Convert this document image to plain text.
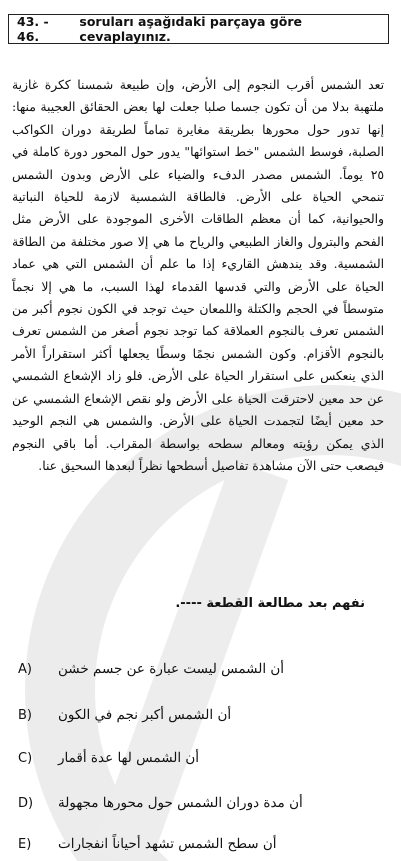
43. - 46.
soruları aşağıdaki parçaya göre cevaplayınız.
تعد الشمس أقرب النجوم إلى الأرض، وإن طبيعة شمسنا ككرة غازية ملتهبة بدلا من أن تكون جسما صلبا جعلت لها بعض الحقائق العجيبة منها: إنها تدور حول محورها بطريقة مغايرة تماماً لطريقة دوران الكواكب الصلبة، فوسط الشمس "خط استوائها" يدور حول المحور دورة كاملة في ٢٥ يوماً. الشمس مصدر الدفء والضياء على الأرض وبدون الشمس تنمحي الحياة على الأرض. فالطاقة الشمسية لازمة للحياة النباتية والحيوانية، كما أن معظم الطاقات الأخرى الموجودة على الأرض مثل الفحم والبترول والغاز الطبيعي والرياح ما هي إلا صور مختلفة من الطاقة الشمسية. وقد يندهش القاريء إذا ما علم أن الشمس التي هي عماد الحياة على الأرض والتي قدسها القدماء لهذا السبب، ما هي إلا نجماً متوسطاً في الحجم والكتلة واللمعان حيث توجد في الكون نجوم أكبر من الشمس تعرف بالنجوم العملاقة كما توجد نجوم أصغر من الشمس تعرف بالنجوم الأقزام. وكون الشمس نجمًا وسطًا يجعلها أكثر استقراراً الأمر الذي ينعكس على استقرار الحياة على الأرض. فلو زاد الإشعاع الشمسي عن حد معين لاحترقت الحياة على الأرض ولو نقص الإشعاع الشمسي عن حد معين أيضًا لتجمدت الحياة على الأرض. والشمس هي النجم الوحيد الذي يمكن رؤيته ومعالم سطحه بواسطة المقراب. أما باقي النجوم فيصعب حتى الآن مشاهدة تفاصيل أسطحها نظراً لبعدها السحيق عنا.
نفهم بعد مطالعة القطعة ----.
A)	أن الشمس ليست عبارة عن جسم خشن
B)	أن الشمس أكبر نجم في الكون
C)	أن الشمس لها عدة أقمار
D)	أن مدة دوران الشمس حول محورها مجهولة
E)	أن سطح الشمس تشهد أحياناً انفجارات
